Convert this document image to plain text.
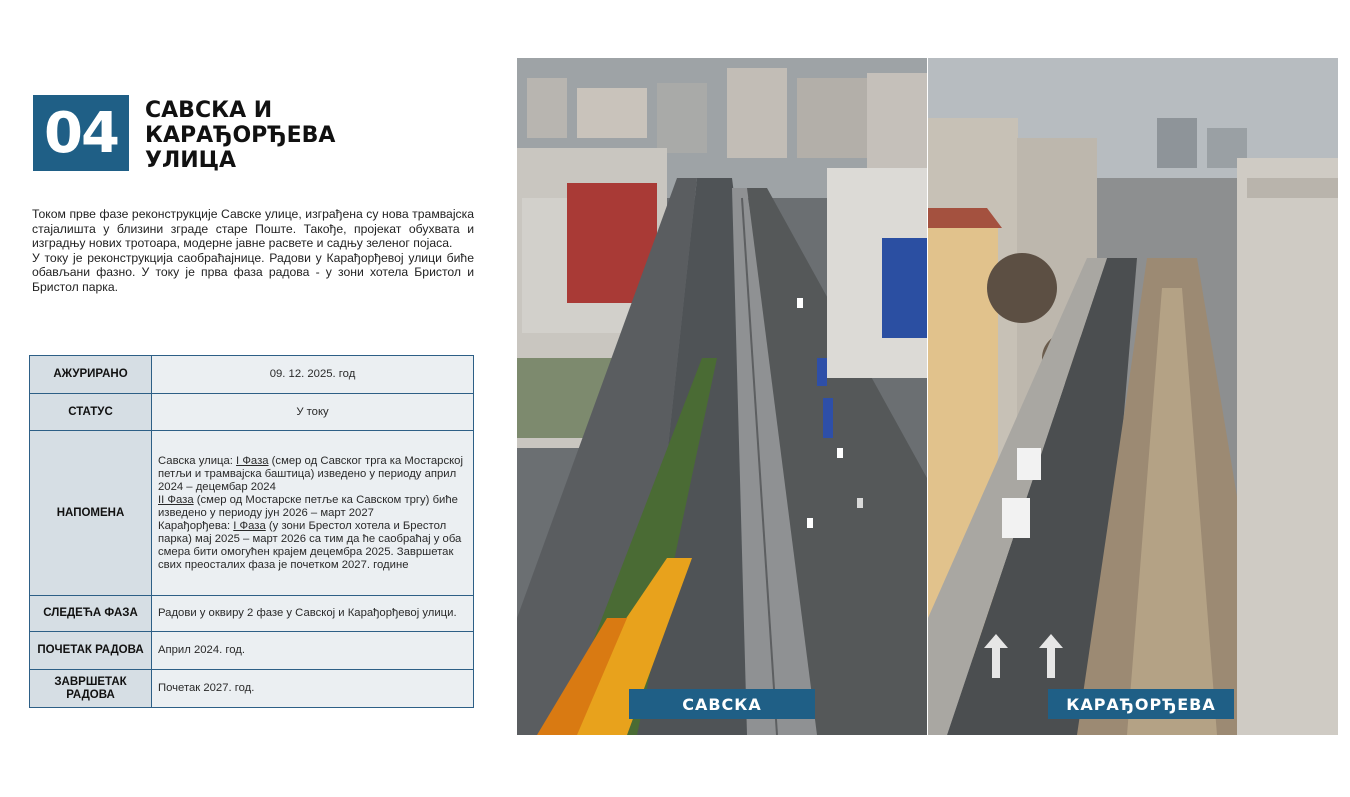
04 САВСКА И
КАРАЂОРЂЕВА
УЛИЦА

Током прве фазе реконструкције Савске улице, изграђена су нова трамвајска стајалишта у близини зграде старе Поште. Такође, пројекат обухвата и изградњу нових тротоара, модерне јавне расвете и садњу зеленог појаса.

У току је реконструкција саобраћајнице. Радови у Карађорђевој улици биће обављани фазно. У току је прва фаза радова - у зони хотела Бристол и Бристол парка.

АЖУРИРАНО	09. 12. 2025. год
СТАТУС	У току
НАПОМЕНА	Савска улица: I Фаза (смер од Савског трга ка Мостарској петљи и трамвајска баштица) изведено у периоду април 2024 – децембар 2024
II Фаза (смер од Мостарске петље ка Савском тргу) биће изведено у периоду јун 2026 – март 2027
Карађорђева: I Фаза (у зони Брестол хотела и Брестол парка) мај 2025 – март 2026 са тим да ће саобраћај у оба смера бити омогућен крајем децембра 2025. Завршетак свих преосталих фаза је почетком 2027. године

СЛЕДЕЋА ФАЗА	Радови у оквиру 2 фазе у Савској и Карађорђевој улици.
ПОЧЕТАК РАДОВА	Април 2024. год.
ЗАВРШЕТАК РАДОВА	Почетак 2027. год.
САВСКА	КАРАЂОРЂЕВА
